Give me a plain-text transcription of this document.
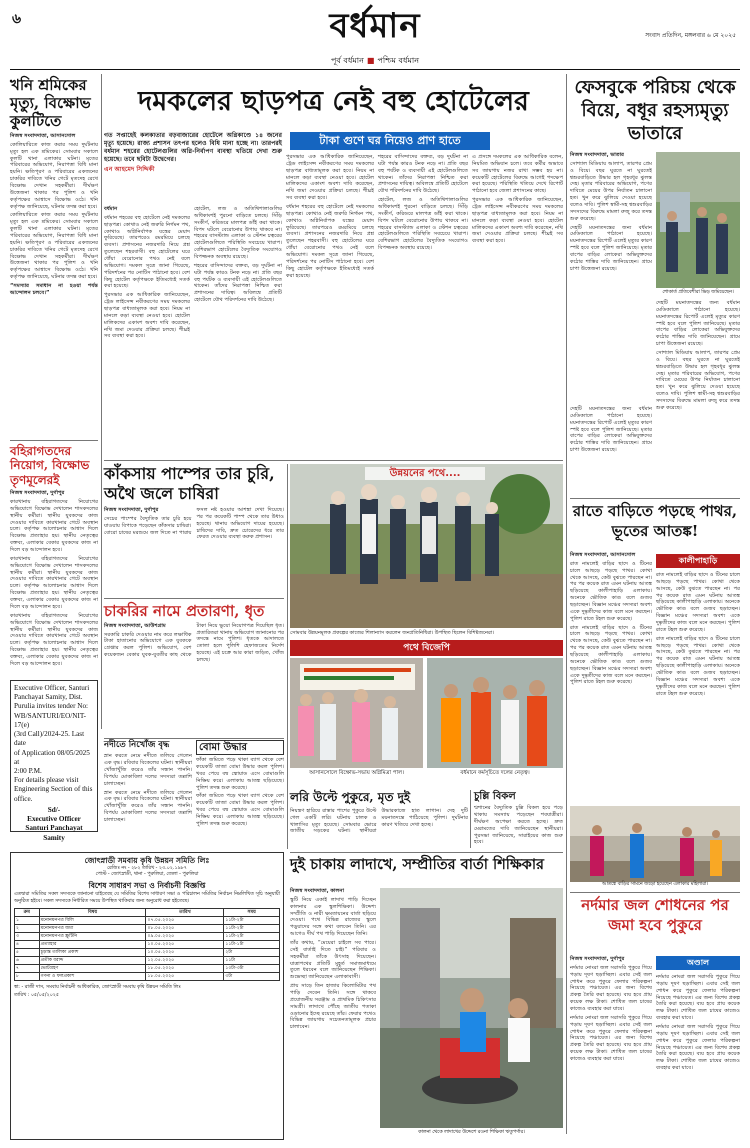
৬	বর্ধমান	সংবাদ প্রতিদিন, মঙ্গলবার ৬ মে ২০২৫
পূর্ব বর্ধমান ■ পশ্চিম বর্ধমান
খনি শ্রমিকের মৃত্যু, বিক্ষোভ কুলটিতে

নিজস্ব সংবাদদাতা, আসানসোল

কোলিয়ারিতে কাজ করার সময় দুর্ঘটনায় মৃত্যু হল এক শ্রমিকের। সোমবার সকালে কুলটি থানা এলাকার ঘটনা। মৃতের পরিবারের অভিযোগ, নিরাপত্তা বিধি মানা হয়নি। ক্ষতিপূরণ ও পরিবারের একজনের চাকরির দাবিতে খনির গেটে মৃতদেহ রেখে বিক্ষোভ দেখান সহকর্মীরা। দীর্ঘক্ষণ উত্তেজনা থাকার পর পুলিশ ও খনি কর্তৃপক্ষের আশ্বাসে বিক্ষোভ ওঠে। খনি কর্তৃপক্ষ জানিয়েছে, ঘটনার তদন্ত করা হবে।

কোলিয়ারিতে কাজ করার সময় দুর্ঘটনায় মৃত্যু হল এক শ্রমিকের। সোমবার সকালে কুলটি থানা এলাকার ঘটনা। মৃতের পরিবারের অভিযোগ, নিরাপত্তা বিধি মানা হয়নি। ক্ষতিপূরণ ও পরিবারের একজনের চাকরির দাবিতে খনির গেটে মৃতদেহ রেখে বিক্ষোভ দেখান সহকর্মীরা। দীর্ঘক্ষণ উত্তেজনা থাকার পর পুলিশ ও খনি কর্তৃপক্ষের আশ্বাসে বিক্ষোভ ওঠে। খনি কর্তৃপক্ষ জানিয়েছে, ঘটনার তদন্ত করা হবে।

“সমস্যার সমাধান না হওয়া পর্যন্ত আন্দোলন চলবে।”

বহিরাগতদের নিয়োগ, বিক্ষোভ তৃণমূলেরই

নিজস্ব সংবাদদাতা, দুর্গাপুর

কারখানায় বহিরাগতদের নিয়োগের অভিযোগে বিক্ষোভ দেখালেন শাসকদলের স্থানীয় কর্মীরা। স্থানীয় যুবকদের কাজ দেওয়ার দাবিতে কারখানার গেটে অবস্থান চলে। কর্তৃপক্ষ আলোচনার আশ্বাস দিলে বিক্ষোভ প্রত্যাহার হয়। স্থানীয় নেতৃত্বের বক্তব্য, এলাকার বেকার যুবকদের কাজ না দিলে বড় আন্দোলন হবে।

কারখানায় বহিরাগতদের নিয়োগের অভিযোগে বিক্ষোভ দেখালেন শাসকদলের স্থানীয় কর্মীরা। স্থানীয় যুবকদের কাজ দেওয়ার দাবিতে কারখানার গেটে অবস্থান চলে। কর্তৃপক্ষ আলোচনার আশ্বাস দিলে বিক্ষোভ প্রত্যাহার হয়। স্থানীয় নেতৃত্বের বক্তব্য, এলাকার বেকার যুবকদের কাজ না দিলে বড় আন্দোলন হবে।

কারখানায় বহিরাগতদের নিয়োগের অভিযোগে বিক্ষোভ দেখালেন শাসকদলের স্থানীয় কর্মীরা। স্থানীয় যুবকদের কাজ দেওয়ার দাবিতে কারখানার গেটে অবস্থান চলে। কর্তৃপক্ষ আলোচনার আশ্বাস দিলে বিক্ষোভ প্রত্যাহার হয়। স্থানীয় নেতৃত্বের বক্তব্য, এলাকার বেকার যুবকদের কাজ না দিলে বড় আন্দোলন হবে।

Executive Officer, Santuri
Panchayat Samity, Dist.
Purulia invites tender No:
WB/SANTURI/EO/NIT-17(e)
(3rd Call)/2024-25. Last date
of Application 08/05/2025 at
2:00 P.M.
For details please visit
Engineering Section of this
office.
Sd/-
Executive Officer
Santuri Panchayat Samity
দমকলের ছাড়পত্র নেই বহু হোটেলের

গত সপ্তাহেই কলকাতার বড়বাজারের হোটেলে অগ্নিকাণ্ডে ১৪ জনের মৃত্যু হয়েছে। রাজ্য প্রশাসন তৎপর হলেও বিধি মানা হচ্ছে না। তারপরই বর্ধমান শহরের হোটেলগুলির অগ্নি-নির্বাপণ ব্যবস্থা খতিয়ে দেখা শুরু হয়েছে। তবে ছবিটা উদ্বেগের।

এন আহমেদ সিদ্দিকী

টাকা গুণে ঘর নিয়েও প্রাণ হাতে

বর্ধমান

বর্ধমান শহরের বহু হোটেলে নেই দমকলের ছাড়পত্র। কোথাও নেই জরুরি নির্গমন পথ, কোথাও অগ্নিনির্বাপক যন্ত্রের মেয়াদ ফুরিয়েছে। তারপরেও রমরমিয়ে চলছে ব্যবসা। প্রশাসনের নজরদারি নিয়ে প্রশ্ন তুলেছেন শহরবাসী। বহু হোটেলের ঘরে ধোঁয়া বেরোনোর পথও নেই বলে অভিযোগ। দমকল সূত্রে জানা গিয়েছে, পরিদর্শনের পর নোটিস পাঠানো হবে। বেশ কিছু হোটেল কর্তৃপক্ষকে ইতিমধ্যেই সতর্ক করা হয়েছে।

পুরসভার এক আধিকারিক জানিয়েছেন, ট্রেড লাইসেন্স নবীকরণের সময় দমকলের ছাড়পত্র বাধ্যতামূলক করা হবে। নিয়ম না মানলে কড়া ব্যবস্থা নেওয়া হবে। হোটেল মালিকদের একাংশ অবশ্য দাবি করেছেন, নথি জমা দেওয়ার প্রক্রিয়া চলছে। শীঘ্রই সব ব্যবস্থা করা হবে।

হোটেল, লজ ও অতিথিশালাগুলির অধিকাংশই পুরনো বাড়িতে চলছে। সিঁড়ি সংকীর্ণ, করিডরে মালপত্র ডাঁই করা থাকে। বিপদ ঘটলে বেরোনোর উপায় থাকবে না। শহরের বাসস্ট্যান্ড এলাকা ও স্টেশন চত্বরের হোটেলগুলিতে পরিস্থিতি সবচেয়ে খারাপ। বেশিরভাগ হোটেলের বৈদ্যুতিক সংযোগও বিপজ্জনক অবস্থায় রয়েছে।

শহরের বাসিন্দাদের বক্তব্য, বড় দুর্ঘটনা না ঘটা পর্যন্ত কারও টনক নড়ে না। প্রতি বছর বহু পর্যটক ও ব্যবসায়ী এই হোটেলগুলিতে থাকেন। তাঁদের নিরাপত্তা নিশ্চিত করা প্রশাসনের দায়িত্ব। অবিলম্বে প্রতিটি হোটেলে যৌথ পরিদর্শনের দাবি উঠেছে।

পুরসভার এক আধিকারিক জানিয়েছেন, ট্রেড লাইসেন্স নবীকরণের সময় দমকলের ছাড়পত্র বাধ্যতামূলক করা হবে। নিয়ম না মানলে কড়া ব্যবস্থা নেওয়া হবে। হোটেল মালিকদের একাংশ অবশ্য দাবি করেছেন, নথি জমা দেওয়ার প্রক্রিয়া চলছে। শীঘ্রই সব ব্যবস্থা করা হবে।

বর্ধমান শহরের বহু হোটেলে নেই দমকলের ছাড়পত্র। কোথাও নেই জরুরি নির্গমন পথ, কোথাও অগ্নিনির্বাপক যন্ত্রের মেয়াদ ফুরিয়েছে। তারপরেও রমরমিয়ে চলছে ব্যবসা। প্রশাসনের নজরদারি নিয়ে প্রশ্ন তুলেছেন শহরবাসী। বহু হোটেলের ঘরে ধোঁয়া বেরোনোর পথও নেই বলে অভিযোগ। দমকল সূত্রে জানা গিয়েছে, পরিদর্শনের পর নোটিস পাঠানো হবে। বেশ কিছু হোটেল কর্তৃপক্ষকে ইতিমধ্যেই সতর্ক করা হয়েছে।

শহরের বাসিন্দাদের বক্তব্য, বড় দুর্ঘটনা না ঘটা পর্যন্ত কারও টনক নড়ে না। প্রতি বছর বহু পর্যটক ও ব্যবসায়ী এই হোটেলগুলিতে থাকেন। তাঁদের নিরাপত্তা নিশ্চিত করা প্রশাসনের দায়িত্ব। অবিলম্বে প্রতিটি হোটেলে যৌথ পরিদর্শনের দাবি উঠেছে।

হোটেল, লজ ও অতিথিশালাগুলির অধিকাংশই পুরনো বাড়িতে চলছে। সিঁড়ি সংকীর্ণ, করিডরে মালপত্র ডাঁই করা থাকে। বিপদ ঘটলে বেরোনোর উপায় থাকবে না। শহরের বাসস্ট্যান্ড এলাকা ও স্টেশন চত্বরের হোটেলগুলিতে পরিস্থিতি সবচেয়ে খারাপ। বেশিরভাগ হোটেলের বৈদ্যুতিক সংযোগও বিপজ্জনক অবস্থায় রয়েছে।

এ প্রসঙ্গে দমকলের এক আধিকারিক বলেন, নিয়মিত অভিযান চলে। তবে কর্মীর অভাবে সব জায়গায় নজর রাখা সম্ভব হয় না। কয়েকটি হোটেলের বিরুদ্ধে আগেই পদক্ষেপ করা হয়েছে। পরিস্থিতি খতিয়ে দেখে রিপোর্ট পাঠানো হবে জেলা প্রশাসনের কাছে।

পুরসভার এক আধিকারিক জানিয়েছেন, ট্রেড লাইসেন্স নবীকরণের সময় দমকলের ছাড়পত্র বাধ্যতামূলক করা হবে। নিয়ম না মানলে কড়া ব্যবস্থা নেওয়া হবে। হোটেল মালিকদের একাংশ অবশ্য দাবি করেছেন, নথি জমা দেওয়ার প্রক্রিয়া চলছে। শীঘ্রই সব ব্যবস্থা করা হবে।

কাঁকসায় পাম্পের তার চুরি, অথৈ জলে চাষিরা

নিজস্ব সংবাদদাতা, দুর্গাপুর

সেচের পাম্পের বৈদ্যুতিক তার চুরি হয়ে যাওয়ায় বিপাকে পড়েছেন কাঁকসার চাষিরা। বোরো চাষের মরশুমে জল দিতে না পারায় ফসল নষ্ট হওয়ার আশঙ্কা দেখা দিয়েছে। পর পর কয়েকটি পাম্প থেকে তার উধাও হয়েছে। থানায় অভিযোগ দায়ের হয়েছে। চাষিদের দাবি, দ্রুত চোরেদের ধরে তার ফেরত দেওয়ার ব্যবস্থা করুক প্রশাসন।

উন্নয়নের পথে....
সোমবার উন্নয়নমূলক প্রকল্পের কাজের শিলান্যাস করলেন জনপ্রতিনিধিরা। উপস্থিত ছিলেন বিশিষ্টজনেরা।
চাকরির নামে প্রতারণা, ধৃত

নিজস্ব সংবাদদাতা, আউশগ্রাম

সরকারি চাকরি দেওয়ার নাম করে লক্ষাধিক টাকা হাতানোর অভিযোগে এক যুবককে গ্রেপ্তার করল পুলিশ। অভিযোগ, বেশ কয়েকজন বেকার যুবক-যুবতীর কাছ থেকে টাকা নিয়ে ভুয়ো নিয়োগপত্র দিয়েছিল ধৃত। প্রতারিতরা থানায় অভিযোগ জানানোর পর তদন্তে নামে পুলিশ। ধৃতকে আদালতে তোলা হলে পুলিশি হেফাজতের নির্দেশ হয়েছে। এই চক্রে আর কারা জড়িত, খোঁজ চলছে।

পথে বিজেপি
আসানসোলে বিক্ষোভ-সভায় অগ্নিমিত্রা পাল।	বর্ধমানে কর্মসূচিতে দলের নেতৃত্ব।
নদীতে নিখোঁজ বৃদ্ধ

স্নান করতে নেমে নদীতে তলিয়ে গেলেন এক বৃদ্ধ। রবিবার বিকেলের ঘটনা। স্থানীয়রা খোঁজাখুঁজি করেও তাঁর সন্ধান পাননি। বিপর্যয় মোকাবিলা দলের সদস্যরা তল্লাশি চালাচ্ছেন।

স্নান করতে নেমে নদীতে তলিয়ে গেলেন এক বৃদ্ধ। রবিবার বিকেলের ঘটনা। স্থানীয়রা খোঁজাখুঁজি করেও তাঁর সন্ধান পাননি। বিপর্যয় মোকাবিলা দলের সদস্যরা তল্লাশি চালাচ্ছেন।

বোমা উদ্ধার

ফাঁকা জমিতে পড়ে থাকা ব্যাগ থেকে বেশ কয়েকটি তাজা বোমা উদ্ধার করল পুলিশ। খবর পেয়ে বম্ব স্কোয়াড এসে বোমাগুলি নিষ্ক্রিয় করে। এলাকায় আতঙ্ক ছড়িয়েছে। পুলিশ তদন্ত শুরু করেছে।

ফাঁকা জমিতে পড়ে থাকা ব্যাগ থেকে বেশ কয়েকটি তাজা বোমা উদ্ধার করল পুলিশ। খবর পেয়ে বম্ব স্কোয়াড এসে বোমাগুলি নিষ্ক্রিয় করে। এলাকায় আতঙ্ক ছড়িয়েছে। পুলিশ তদন্ত শুরু করেছে।

লরি উল্টে পুকুরে, মৃত দুই

নিয়ন্ত্রণ হারিয়ে রাস্তার পাশের পুকুরে উল্টে গেল একটি লরি। ঘটনায় চালক ও খালাসির মৃত্যু হয়েছে। সোমবার ভোরে জাতীয় সড়কের ঘটনা। স্থানীয়রা উদ্ধারকাজে হাত লাগান। দেহ দুটি ময়নাতদন্তে পাঠিয়েছে পুলিশ। দুর্ঘটনার কারণ খতিয়ে দেখা হচ্ছে।

চুল্লি বিকল

শ্মশানের বৈদ্যুতিক চুল্লি বিকল হয়ে পড়ে থাকায় সমস্যায় পড়েছেন শবযাত্রীরা। দীর্ঘক্ষণ অপেক্ষা করতে হচ্ছে। দ্রুত মেরামতের দাবি জানিয়েছেন স্থানীয়রা। পুরসভা জানিয়েছে, সারাইয়ের কাজ শুরু হবে।

জোৎস্নাডী সমবায় কৃষি উন্নয়ন সমিতি লিঃ
রেজিঃ নং - ২৮২ তারিখ - ২৩.০২.১৯৮৭
পোস্ট - জোৎস্নাডী, থানা - পুরুলিয়া, জেলা - পুরুলিয়া
বিশেষ সাধারণ সভা ও নির্বাচনী বিজ্ঞপ্তি

এতদ্বারা সমিতির সকল সদস্যকে জানানো যাইতেছে যে সমিতির বিশেষ সাধারণ সভা ও পরিচালন সমিতির নির্বাচন নিম্নলিখিত সূচি অনুযায়ী অনুষ্ঠিত হইবে। সকল সদস্যকে নির্ধারিত সময়ে উপস্থিত থাকিবার জন্য অনুরোধ করা হইতেছে।

ক্রম	বিষয়	তারিখ	সময়
১	মনোনয়নপত্র বিলি	০৭.০৫.২০২৫	১১টা-২টা
২	মনোনয়নপত্র জমা	০৮.০৫.২০২৫	১১টা-২টা
৩	মনোনয়নপত্র স্ক্রুটিনি	০৯.০৫.২০২৫	১১টা-২টা
৪	প্রত্যাহার	১০.০৫.২০২৫	১১টা-১টা
৫	চূড়ান্ত তালিকা প্রকাশ	১০.০৫.২০২৫	২টা
৬	প্রতীক বরাদ্দ	১২.০৫.২০২৫	১১টা
৭	ভোটগ্রহণ	১৮.০৫.২০২৫	১০টা-৩টা
৮	গণনা ও ফলপ্রকাশ	১৮.০৫.২০২৫	৩টা

স্বা: - রাজী দাস, সমবায় নির্বাচনী আধিকারিক, জোৎস্নাডী সমবায় কৃষি উন্নয়ন সমিতি লিঃ

তারিখ : ০৫/০৫/২০২৫

দুই চাকায় লাদাখে, সম্প্রীতির বার্তা শিক্ষিকার

নিজস্ব সংবাদদাতা, কালনা

স্কুটি নিয়ে একাই লাদাখ পাড়ি দিচ্ছেন কালনার এক স্কুলশিক্ষিকা। উদ্দেশ্য সম্প্রীতি ও নারী ক্ষমতায়নের বার্তা ছড়িয়ে দেওয়া। পথে বিভিন্ন রাজ্যের স্কুলে পড়ুয়াদের সঙ্গে কথা বলবেন তিনি। এর আগেও দীর্ঘ পথ পাড়ি দিয়েছেন তিনি।

তাঁর কথায়, “মেয়েরা চাইলে সব পারে। সেই বার্তাই দিতে চাই।” পরিবার ও সহকর্মীরা তাঁকে উৎসাহ দিয়েছেন। যাত্রাপথের প্রতিটি মুহূর্ত সমাজমাধ্যমে তুলে ধরবেন বলে জানিয়েছেন শিক্ষিকা। শুভেচ্ছা জানিয়েছেন এলাকাবাসী।

প্রায় সাড়ে তিন হাজার কিলোমিটার পথ পাড়ি দেবেন তিনি। সঙ্গে থাকবে প্রয়োজনীয় সরঞ্জাম ও প্রাথমিক চিকিৎসার সামগ্রী। লাদাখে পৌঁছে জাতীয় পতাকা ওড়ানোর ইচ্ছে রয়েছে তাঁর। ফেরার পথেও বিভিন্ন জায়গায় সচেতনতামূলক প্রচার চালাবেন।

কালনা থেকে লাদাখের উদ্দেশে রওনা শিক্ষিকা ঋতুপর্ণার।
ফেসবুকে পরিচয় থেকে বিয়ে, বধূর রহস্যমৃত্যু ভাতারে

নিজস্ব সংবাদদাতা, ভাতার

সোশ্যাল মিডিয়ায় আলাপ, তারপর প্রেম ও বিয়ে। বছর ঘুরতে না ঘুরতেই শ্বশুরবাড়িতে উদ্ধার হল গৃহবধূর ঝুলন্ত দেহ। মৃতার পরিবারের অভিযোগ, পণের দাবিতে মেয়ের উপর নির্যাতন চালানো হত। খুন করে ঝুলিয়ে দেওয়া হয়েছে বলেও দাবি। পুলিশ স্বামী-সহ শ্বশুরবাড়ির সদস্যদের বিরুদ্ধে মামলা রুজু করে তদন্ত শুরু করেছে।

দেহটি ময়নাতদন্তের জন্য বর্ধমান মেডিক্যালে পাঠানো হয়েছে। ময়নাতদন্তের রিপোর্ট এলেই মৃত্যুর কারণ স্পষ্ট হবে বলে পুলিশ জানিয়েছে। মৃতার বাপের বাড়ির লোকেরা অভিযুক্তদের কঠোর শাস্তির দাবি জানিয়েছেন। গ্রামে চাপা উত্তেজনা রয়েছে।

শোকার্ত প্রতিবেশীরা ভিড় জমিয়েছেন।

দেহটি ময়নাতদন্তের জন্য বর্ধমান মেডিক্যালে পাঠানো হয়েছে। ময়নাতদন্তের রিপোর্ট এলেই মৃত্যুর কারণ স্পষ্ট হবে বলে পুলিশ জানিয়েছে। মৃতার বাপের বাড়ির লোকেরা অভিযুক্তদের কঠোর শাস্তির দাবি জানিয়েছেন। গ্রামে চাপা উত্তেজনা রয়েছে।

সোশ্যাল মিডিয়ায় আলাপ, তারপর প্রেম ও বিয়ে। বছর ঘুরতে না ঘুরতেই শ্বশুরবাড়িতে উদ্ধার হল গৃহবধূর ঝুলন্ত দেহ। মৃতার পরিবারের অভিযোগ, পণের দাবিতে মেয়ের উপর নির্যাতন চালানো হত। খুন করে ঝুলিয়ে দেওয়া হয়েছে বলেও দাবি। পুলিশ স্বামী-সহ শ্বশুরবাড়ির সদস্যদের বিরুদ্ধে মামলা রুজু করে তদন্ত শুরু করেছে।

দেহটি ময়নাতদন্তের জন্য বর্ধমান মেডিক্যালে পাঠানো হয়েছে। ময়নাতদন্তের রিপোর্ট এলেই মৃত্যুর কারণ স্পষ্ট হবে বলে পুলিশ জানিয়েছে। মৃতার বাপের বাড়ির লোকেরা অভিযুক্তদের কঠোর শাস্তির দাবি জানিয়েছেন। গ্রামে চাপা উত্তেজনা রয়েছে।

রাতে বাড়িতে পড়ছে পাথর, ভূতের আতঙ্ক!
কালীপাহাড়ি

নিজস্ব সংবাদদাতা, আসানসোল

রাত নামলেই বাড়ির ছাদে ও টিনের চালে আছড়ে পড়ছে পাথর। কোথা থেকে আসছে, কেউ বুঝতে পারছেন না। পর পর কয়েক রাত এমন ঘটনায় আতঙ্ক ছড়িয়েছে কালীপাহাড়ি এলাকায়। অনেকে ভৌতিক কাণ্ড বলে গুজব ছড়াচ্ছেন। বিজ্ঞান মঞ্চের সদস্যরা অবশ্য একে দুষ্কৃতীদের কাজ বলে মনে করছেন। পুলিশ রাতে টহল শুরু করেছে।

রাত নামলেই বাড়ির ছাদে ও টিনের চালে আছড়ে পড়ছে পাথর। কোথা থেকে আসছে, কেউ বুঝতে পারছেন না। পর পর কয়েক রাত এমন ঘটনায় আতঙ্ক ছড়িয়েছে কালীপাহাড়ি এলাকায়। অনেকে ভৌতিক কাণ্ড বলে গুজব ছড়াচ্ছেন। বিজ্ঞান মঞ্চের সদস্যরা অবশ্য একে দুষ্কৃতীদের কাজ বলে মনে করছেন। পুলিশ রাতে টহল শুরু করেছে।

রাত নামলেই বাড়ির ছাদে ও টিনের চালে আছড়ে পড়ছে পাথর। কোথা থেকে আসছে, কেউ বুঝতে পারছেন না। পর পর কয়েক রাত এমন ঘটনায় আতঙ্ক ছড়িয়েছে কালীপাহাড়ি এলাকায়। অনেকে ভৌতিক কাণ্ড বলে গুজব ছড়াচ্ছেন। বিজ্ঞান মঞ্চের সদস্যরা অবশ্য একে দুষ্কৃতীদের কাজ বলে মনে করছেন। পুলিশ রাতে টহল শুরু করেছে।

রাত নামলেই বাড়ির ছাদে ও টিনের চালে আছড়ে পড়ছে পাথর। কোথা থেকে আসছে, কেউ বুঝতে পারছেন না। পর পর কয়েক রাত এমন ঘটনায় আতঙ্ক ছড়িয়েছে কালীপাহাড়ি এলাকায়। অনেকে ভৌতিক কাণ্ড বলে গুজব ছড়াচ্ছেন। বিজ্ঞান মঞ্চের সদস্যরা অবশ্য একে দুষ্কৃতীদের কাজ বলে মনে করছেন। পুলিশ রাতে টহল শুরু করেছে।

আতঙ্কে বাড়ির সামনে জড়ো হয়েছেন এলাকার মহিলারা।
নর্দমার জল শোধনের পর জমা হবে পুকুরে
অণ্ডাল

নিজস্ব সংবাদদাতা, দুর্গাপুর

নর্দমার নোংরা জল সরাসরি পুকুরে গিয়ে পড়ায় দূষণ ছড়াচ্ছিল। এবার সেই জল শোধন করে পুকুরে ফেলার পরিকল্পনা নিয়েছে পঞ্চায়েত। এর জন্য বিশেষ প্রকল্প তৈরি করা হয়েছে। ব্যয় হবে প্রায় কয়েক লক্ষ টাকা। শোধিত জল চাষের কাজেও ব্যবহার করা যাবে।

নর্দমার নোংরা জল সরাসরি পুকুরে গিয়ে পড়ায় দূষণ ছড়াচ্ছিল। এবার সেই জল শোধন করে পুকুরে ফেলার পরিকল্পনা নিয়েছে পঞ্চায়েত। এর জন্য বিশেষ প্রকল্প তৈরি করা হয়েছে। ব্যয় হবে প্রায় কয়েক লক্ষ টাকা। শোধিত জল চাষের কাজেও ব্যবহার করা যাবে।

নর্দমার নোংরা জল সরাসরি পুকুরে গিয়ে পড়ায় দূষণ ছড়াচ্ছিল। এবার সেই জল শোধন করে পুকুরে ফেলার পরিকল্পনা নিয়েছে পঞ্চায়েত। এর জন্য বিশেষ প্রকল্প তৈরি করা হয়েছে। ব্যয় হবে প্রায় কয়েক লক্ষ টাকা। শোধিত জল চাষের কাজেও ব্যবহার করা যাবে।

নর্দমার নোংরা জল সরাসরি পুকুরে গিয়ে পড়ায় দূষণ ছড়াচ্ছিল। এবার সেই জল শোধন করে পুকুরে ফেলার পরিকল্পনা নিয়েছে পঞ্চায়েত। এর জন্য বিশেষ প্রকল্প তৈরি করা হয়েছে। ব্যয় হবে প্রায় কয়েক লক্ষ টাকা। শোধিত জল চাষের কাজেও ব্যবহার করা যাবে।
